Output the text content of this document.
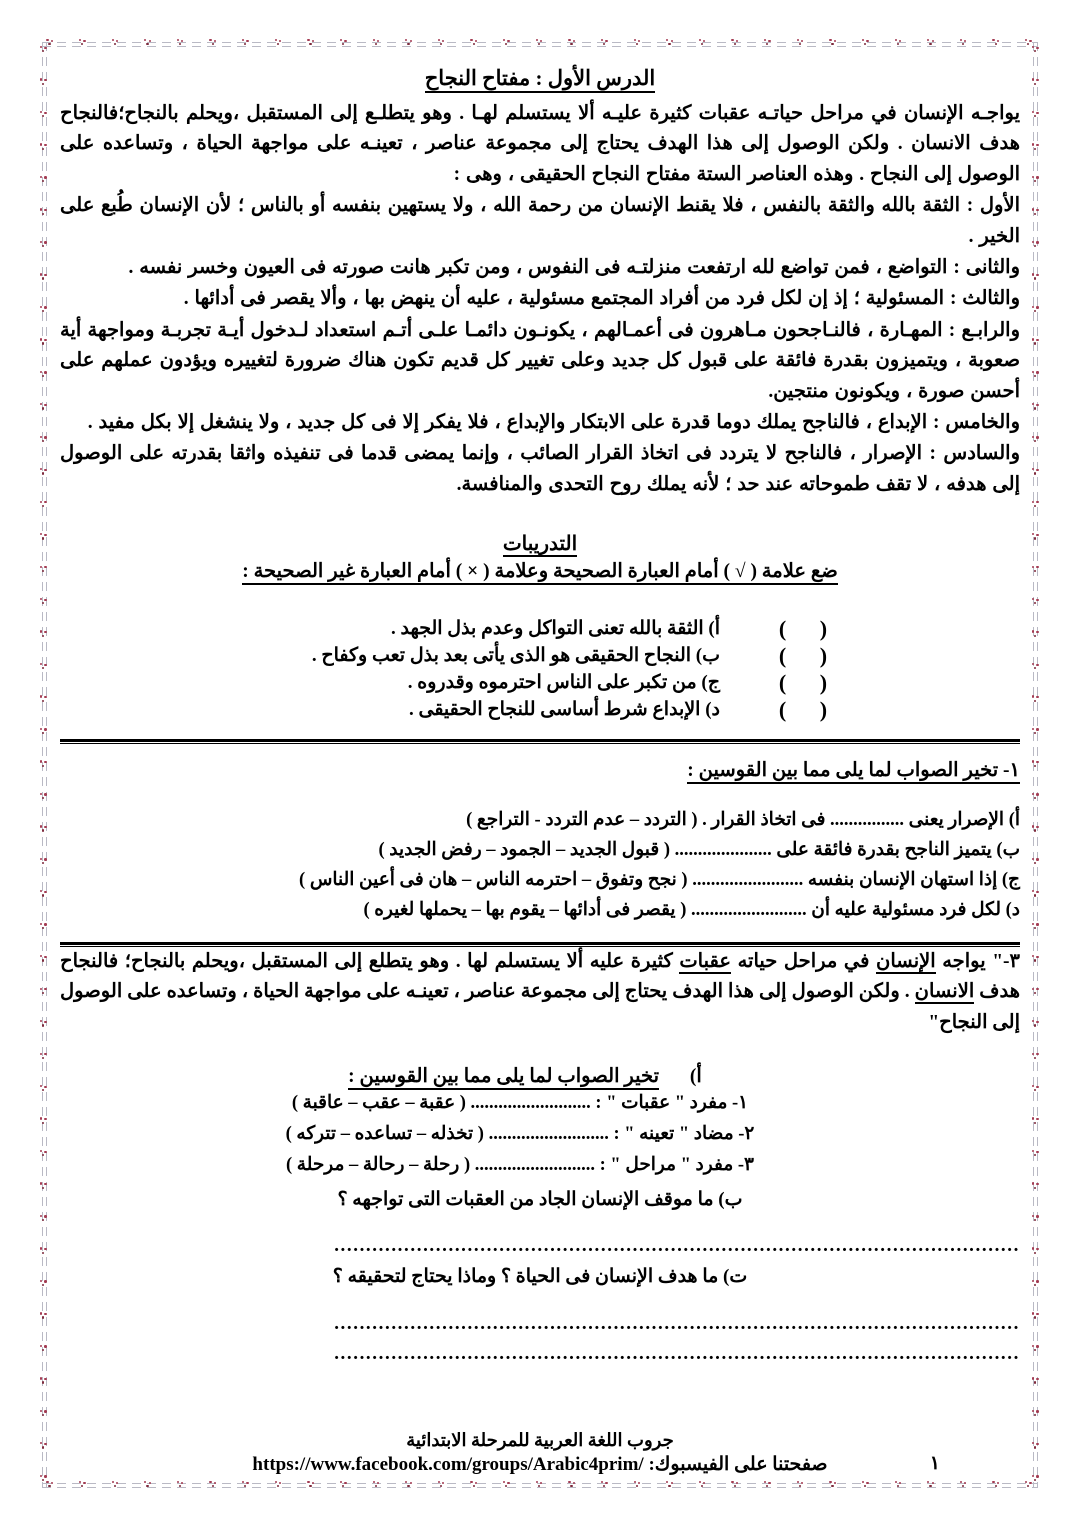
الدرس الأول : مفتاح النجاح

يواجـه الإنسان في مراحل حياتـه عقبات كثيرة عليـه ألا يستسلم لهـا . وهو يتطلـع إلى المستقبل ،ويحلم بالنجاح؛فالنجاح هدف الانسان . ولكن الوصول إلى هذا الهدف يحتاج إلى مجموعة عناصر ، تعينـه على مواجهة الحياة ، وتساعده على الوصول إلى النجاح . وهذه العناصر الستة مفتاح النجاح الحقيقى ، وهى :

الأول : الثقة بالله والثقة بالنفس ، فلا يقنط الإنسان من رحمة الله ، ولا يستهين بنفسه أو بالناس ؛ لأن الإنسان طُبع على الخير .

والثانى : التواضع ، فمن تواضع لله ارتفعت منزلتـه فى النفوس ، ومن تكبر هانت صورته فى العيون وخسر نفسه .

والثالث : المسئولية ؛ إذ إن لكل فرد من أفراد المجتمع مسئولية ، عليه أن ينهض بها ، وألا يقصر فى أدائها .

والرابـع : المهـارة ، فالنـاجحون مـاهرون فى أعمـالهم ، يكونـون دائمـا علـى أتـم استعداد لـدخول أيـة تجربـة ومواجهة أية صعوبة ، ويتميزون بقدرة فائقة على قبول كل جديد وعلى تغيير كل قديم تكون هناك ضرورة لتغييره ويؤدون عملهم على أحسن صورة ، ويكونون منتجين.

والخامس : الإبداع ، فالناجح يملك دوما قدرة على الابتكار والإبداع ، فلا يفكر إلا فى كل جديد ، ولا ينشغل إلا بكل مفيد .

والسادس : الإصرار ، فالناجح لا يتردد فى اتخاذ القرار الصائب ، وإنما يمضى قدما فى تنفيذه واثقا بقدرته على الوصول إلى هدفه ، لا تقف طموحاته عند حد ؛ لأنه يملك روح التحدى والمنافسة.

التدريبات

ضع علامة ( √ ) أمام العبارة الصحيحة وعلامة ( × ) أمام العبارة غير الصحيحة :

( )
أ) الثقة بالله تعنى التواكل وعدم بذل الجهد .
( )
ب) النجاح الحقيقى هو الذى يأتى بعد بذل تعب وكفاح .
( )
ج) من تكبر على الناس احترموه وقدروه .
( )
د) الإبداع شرط أساسى للنجاح الحقيقى .

١- تخير الصواب لما يلى مما بين القوسين :

أ) الإصرار يعنى ................ فى اتخاذ القرار . ( التردد – عدم التردد - التراجع )
ب) يتميز الناجح بقدرة فائقة على ..................... ( قبول الجديد – الجمود – رفض الجديد )
ج) إذا استهان الإنسان بنفسه ........................ ( نجح وتفوق – احترمه الناس – هان فى أعين الناس )
د) لكل فرد مسئولية عليه أن ......................... ( يقصر فى أدائها – يقوم بها – يحملها لغيره )

٣-" يواجه الإنسان في مراحل حياته عقبات كثيرة عليه ألا يستسلم لها . وهو يتطلع إلى المستقبل ،ويحلم بالنجاح؛ فالنجاح هدف الانسان . ولكن الوصول إلى هذا الهدف يحتاج إلى مجموعة عناصر ، تعينـه على مواجهة الحياة ، وتساعده على الوصول إلى النجاح"

أ) تخير الصواب لما يلى مما بين القوسين :

١- مفرد " عقبات " : .......................... ( عقبة – عقب – عاقبة )
٢- مضاد " تعينه " : .......................... ( تخذله – تساعده – تتركه )
٣- مفرد " مراحل " : .......................... ( رحلة – رحالة – مرحلة )

ب) ما موقف الإنسان الجاد من العقبات التى تواجهه ؟

............................................................................................................

ت) ما هدف الإنسان فى الحياة ؟ وماذا يحتاج لتحقيقه ؟

............................................................................................................
............................................................................................................

جروب اللغة العربية للمرحلة الابتدائية

صفحتنا على الفيسبوك: https://www.facebook.com/groups/Arabic4prim/	١
